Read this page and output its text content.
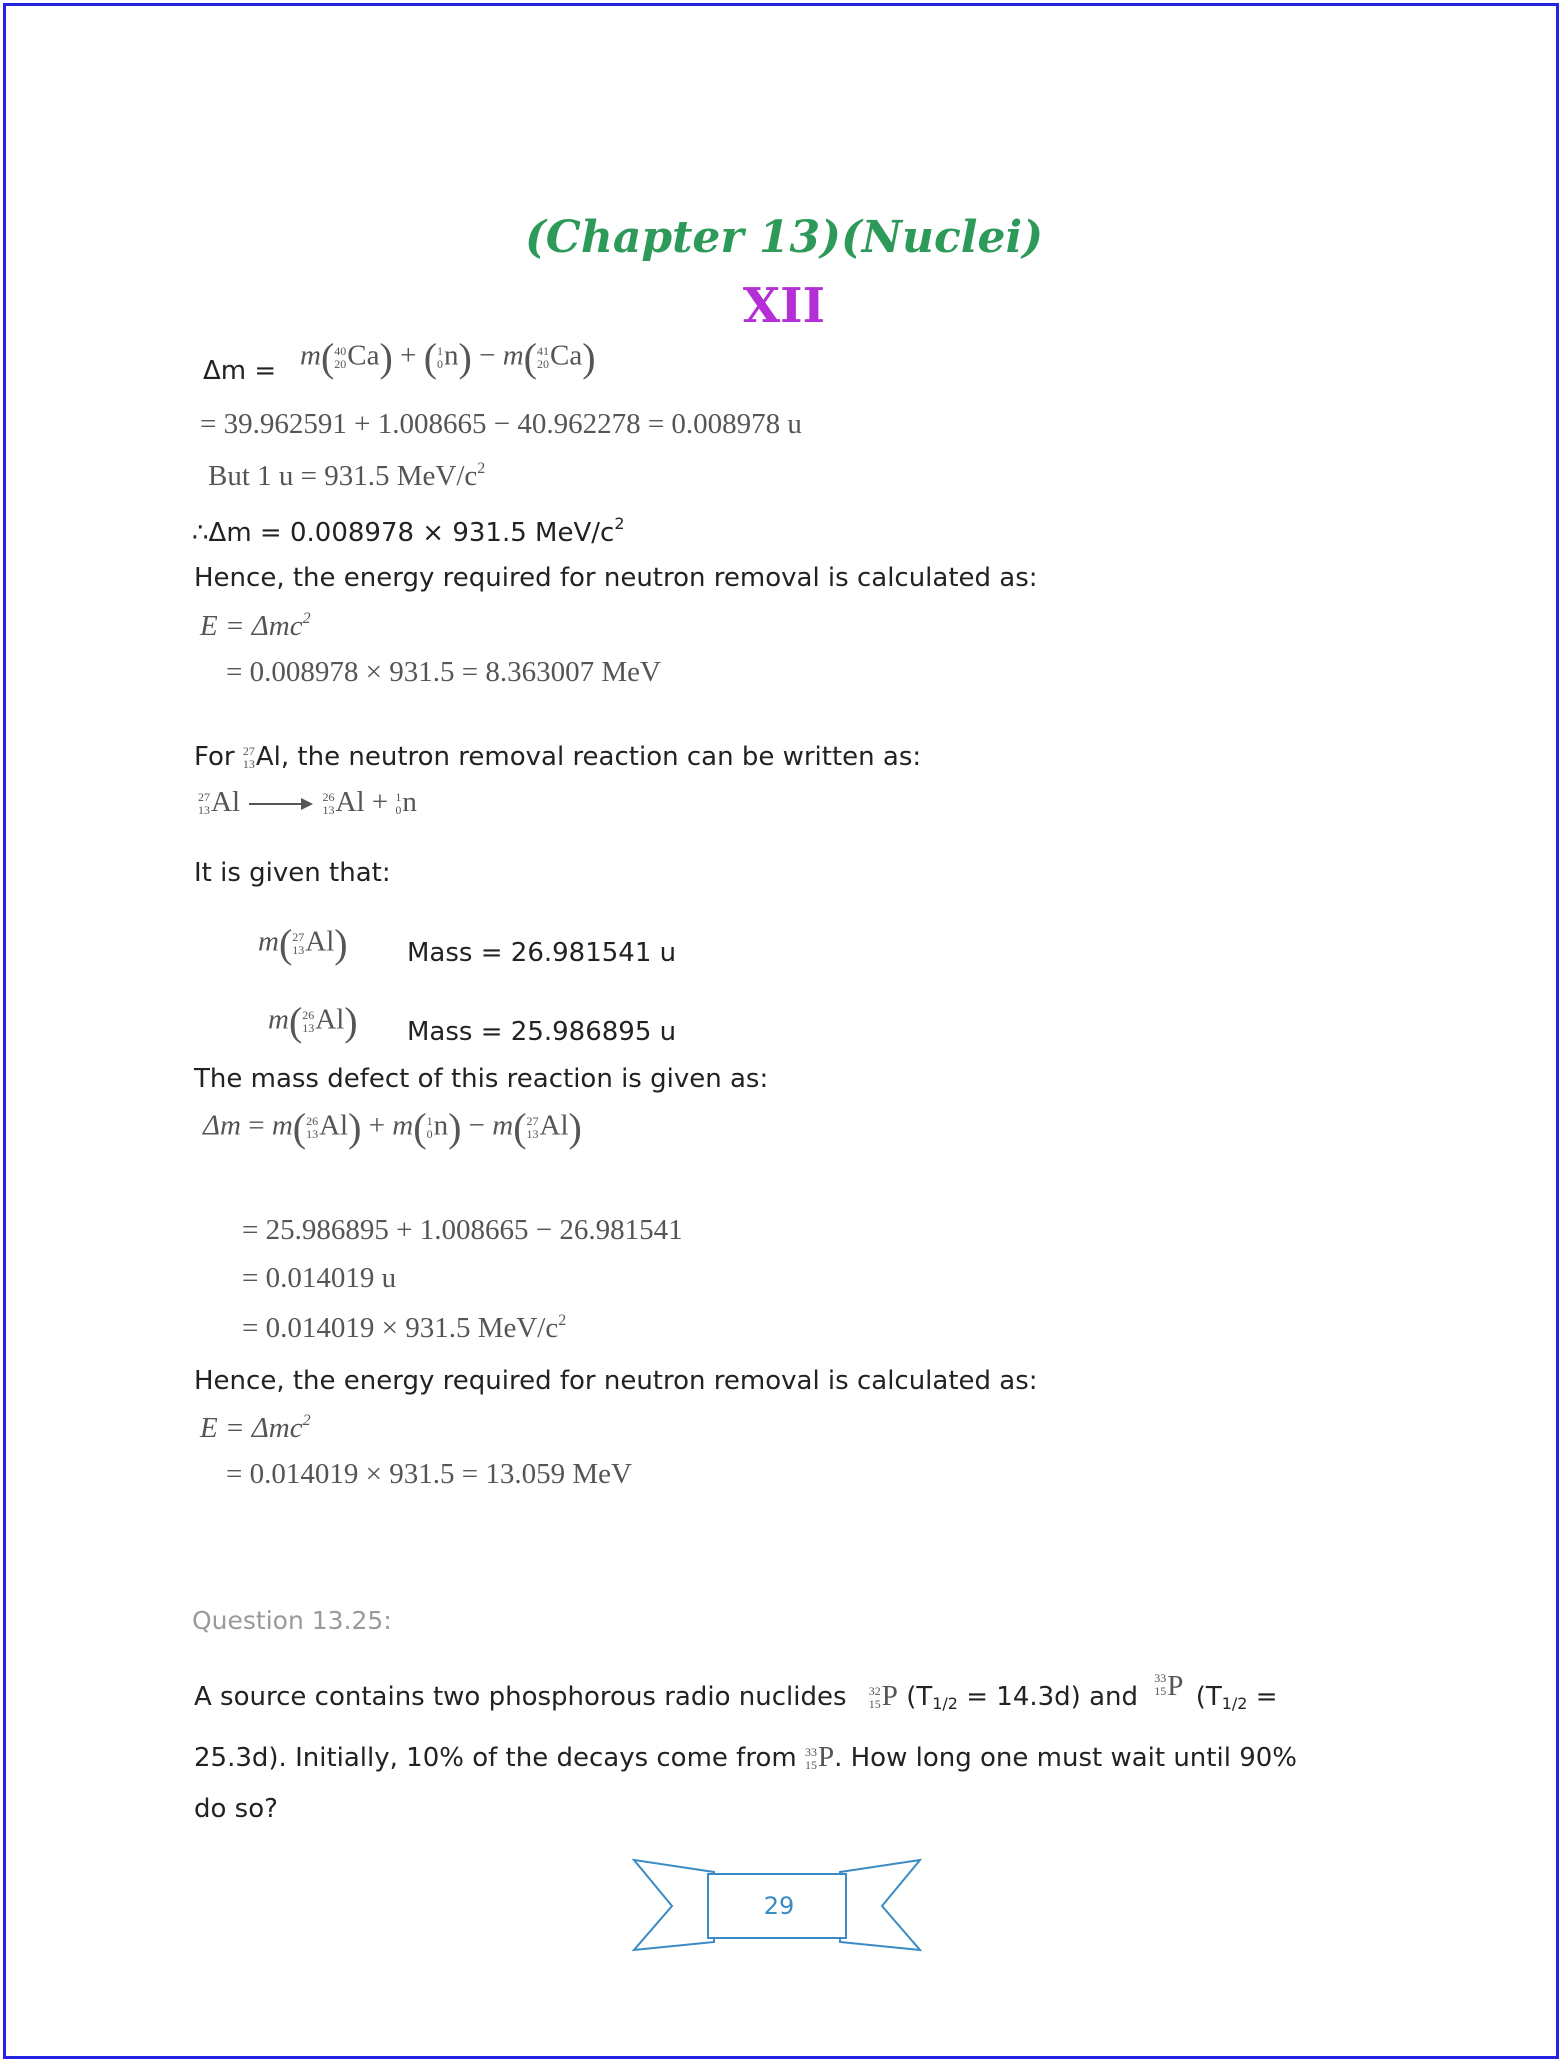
(Chapter 13)(Nuclei)
XII
Δm = m( 40
20 Ca) + ( 1
0 n) − m( 41
20 Ca)
= 39.962591 + 1.008665 − 40.962278 = 0.008978 u
But 1 u = 931.5 MeV/$c^2$
∴Δm = 0.008978 × 931.5 MeV/$c^2$
Hence, the energy required for neutron removal is calculated as:
E = Δmc$^2$
= 0.008978 × 931.5 = 8.363007 MeV
For 27
13 Al, the neutron removal reaction can be written as:
27
13 Al → 26
13 Al + 1
0 n
It is given that:
m( 27
13 Al) Mass = 26.981541 u
m( 26
13 Al) Mass = 25.986895 u
The mass defect of this reaction is given as:
Δm = m( 26
13 Al) + m( 1
0 n) − m( 27
13 Al)
= 25.986895 + 1.008665 − 26.981541
= 0.014019 u
= 0.014019 × 931.5 MeV/$c^2$
Hence, the energy required for neutron removal is calculated as:
E = Δmc$^2$
= 0.014019 × 931.5 = 13.059 MeV
Question 13.25:
A source contains two phosphorous radio nuclides 32
15 P $(T_{1/2} = 14.3d)$ and
33
15 P ($T_{1/2}$ =
25.3d). Initially, 10% of the decays come from 33
15 P. How long one must wait until 90%
do so?
29
